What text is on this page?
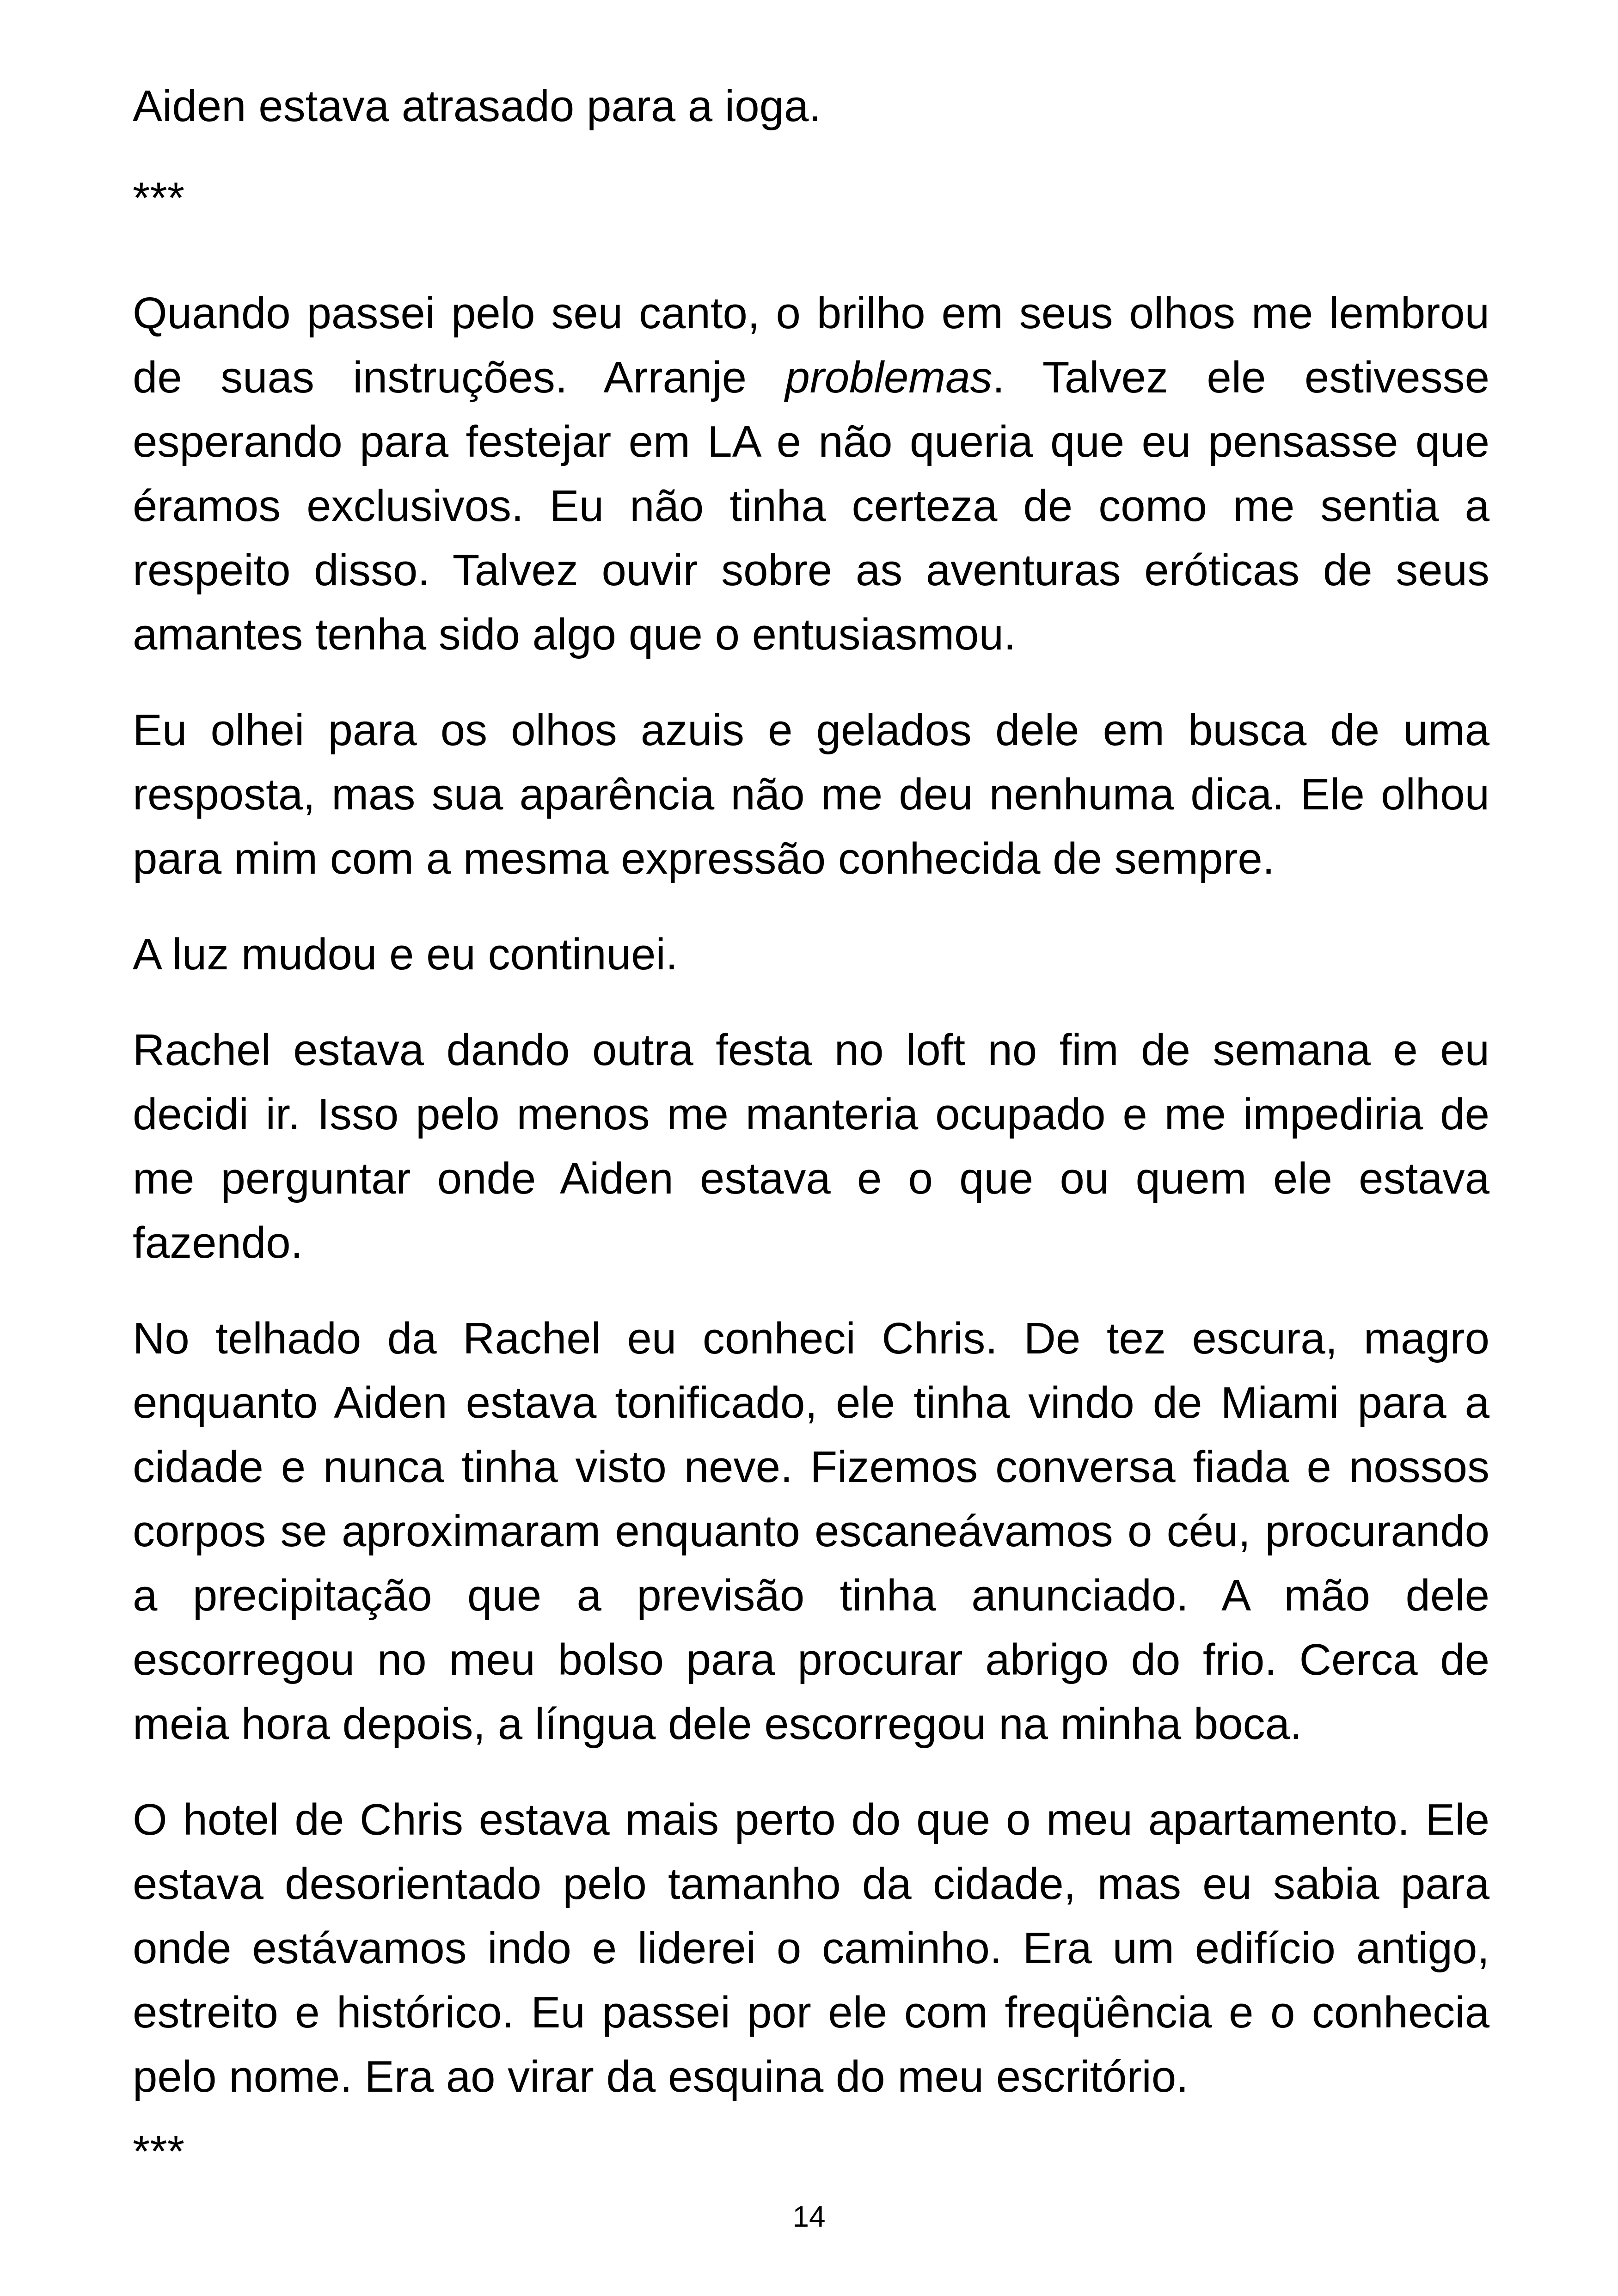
Aiden estava atrasado para a ioga.

***

Quando passei pelo seu canto, o brilho em seus olhos me lembrou de suas instruções. Arranje problemas. Talvez ele estivesse esperando para festejar em LA e não queria que eu pensasse que éramos exclusivos. Eu não tinha certeza de como me sentia a respeito disso. Talvez ouvir sobre as aventuras eróticas de seus amantes tenha sido algo que o entusiasmou.

Eu olhei para os olhos azuis e gelados dele em busca de uma resposta, mas sua aparência não me deu nenhuma dica. Ele olhou para mim com a mesma expressão conhecida de sempre.

A luz mudou e eu continuei.

Rachel estava dando outra festa no loft no fim de semana e eu decidi ir. Isso pelo menos me manteria ocupado e me impediria de me perguntar onde Aiden estava e o que ou quem ele estava fazendo.

No telhado da Rachel eu conheci Chris. De tez escura, magro enquanto Aiden estava tonificado, ele tinha vindo de Miami para a cidade e nunca tinha visto neve. Fizemos conversa fiada e nossos corpos se aproximaram enquanto escaneávamos o céu, procurando a precipitação que a previsão tinha anunciado. A mão dele escorregou no meu bolso para procurar abrigo do frio. Cerca de meia hora depois, a língua dele escorregou na minha boca.

O hotel de Chris estava mais perto do que o meu apartamento. Ele estava desorientado pelo tamanho da cidade, mas eu sabia para onde estávamos indo e liderei o caminho. Era um edifício antigo, estreito e histórico. Eu passei por ele com freqüência e o conhecia pelo nome. Era ao virar da esquina do meu escritório.

***
14
